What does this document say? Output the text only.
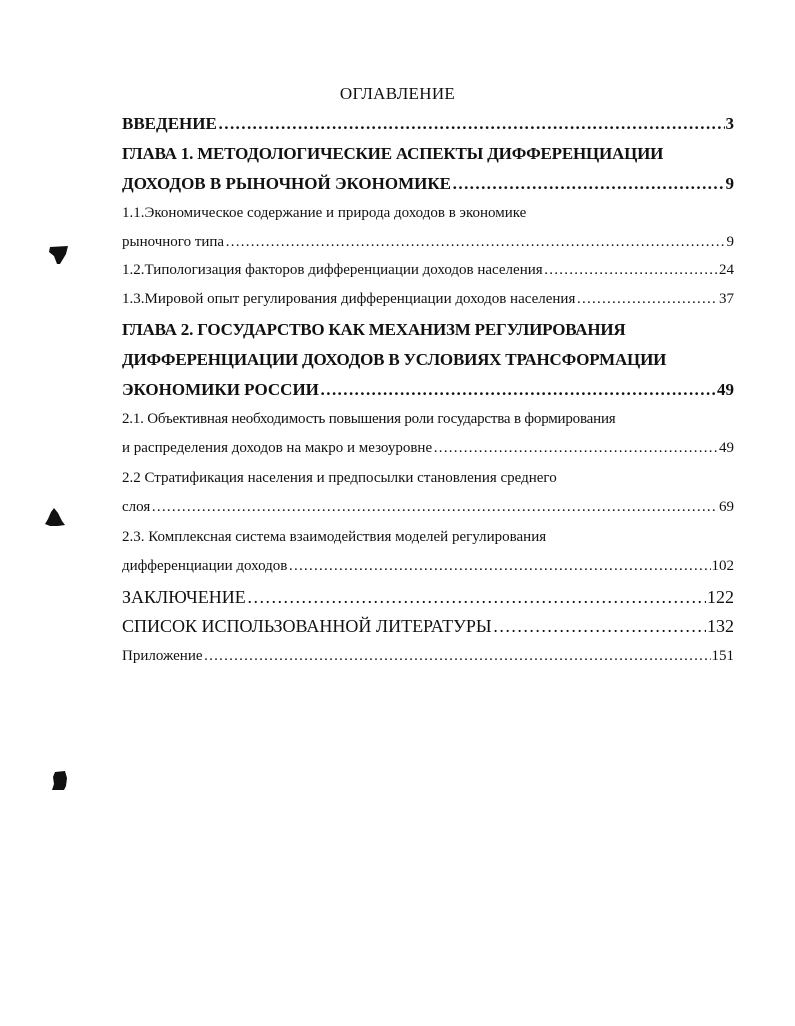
ОГЛАВЛЕНИЕ
ВВЕДЕНИЕ ……………………………………………………………………………………………………………………………………………………………………………………………………	3
ГЛАВА 1. МЕТОДОЛОГИЧЕСКИЕ АСПЕКТЫ ДИФФЕРЕНЦИАЦИИ
ДОХОДОВ В РЫНОЧНОЙ ЭКОНОМИКЕ ……………………………………………………………………………………………………………………………………………………………………………………………………	9
1.1.Экономическое содержание и природа доходов в экономике
рыночного типа ……………………………………………………………………………………………………………………………………………………………………………………………………	9
1.2.Типологизация факторов дифференциации доходов населения ……………………………………………………………………………………………………………………………………………………………………………………………………	24
1.3.Мировой опыт регулирования дифференциации доходов населения ……………………………………………………………………………………………………………………………………………………………………………………………………	37
ГЛАВА 2. ГОСУДАРСТВО КАК МЕХАНИЗМ РЕГУЛИРОВАНИЯ
ДИФФЕРЕНЦИАЦИИ ДОХОДОВ В УСЛОВИЯХ ТРАНСФОРМАЦИИ
ЭКОНОМИКИ РОССИИ ……………………………………………………………………………………………………………………………………………………………………………………………………	49
2.1. Объективная необходимость повышения роли государства в формирования
и распределения доходов на макро и мезоуровне ……………………………………………………………………………………………………………………………………………………………………………………………………	49
2.2 Стратификация населения и предпосылки становления среднего
слоя ……………………………………………………………………………………………………………………………………………………………………………………………………	69
2.3. Комплексная система взаимодействия моделей регулирования
дифференциации доходов ……………………………………………………………………………………………………………………………………………………………………………………………………	102
ЗАКЛЮЧЕНИЕ ……………………………………………………………………………………………………………………………………………………………………………………………………	122
СПИСОК ИСПОЛЬЗОВАННОЙ ЛИТЕРАТУРЫ ……………………………………………………………………………………………………………………………………………………………………………………………………	132
Приложение ……………………………………………………………………………………………………………………………………………………………………………………………………	151
